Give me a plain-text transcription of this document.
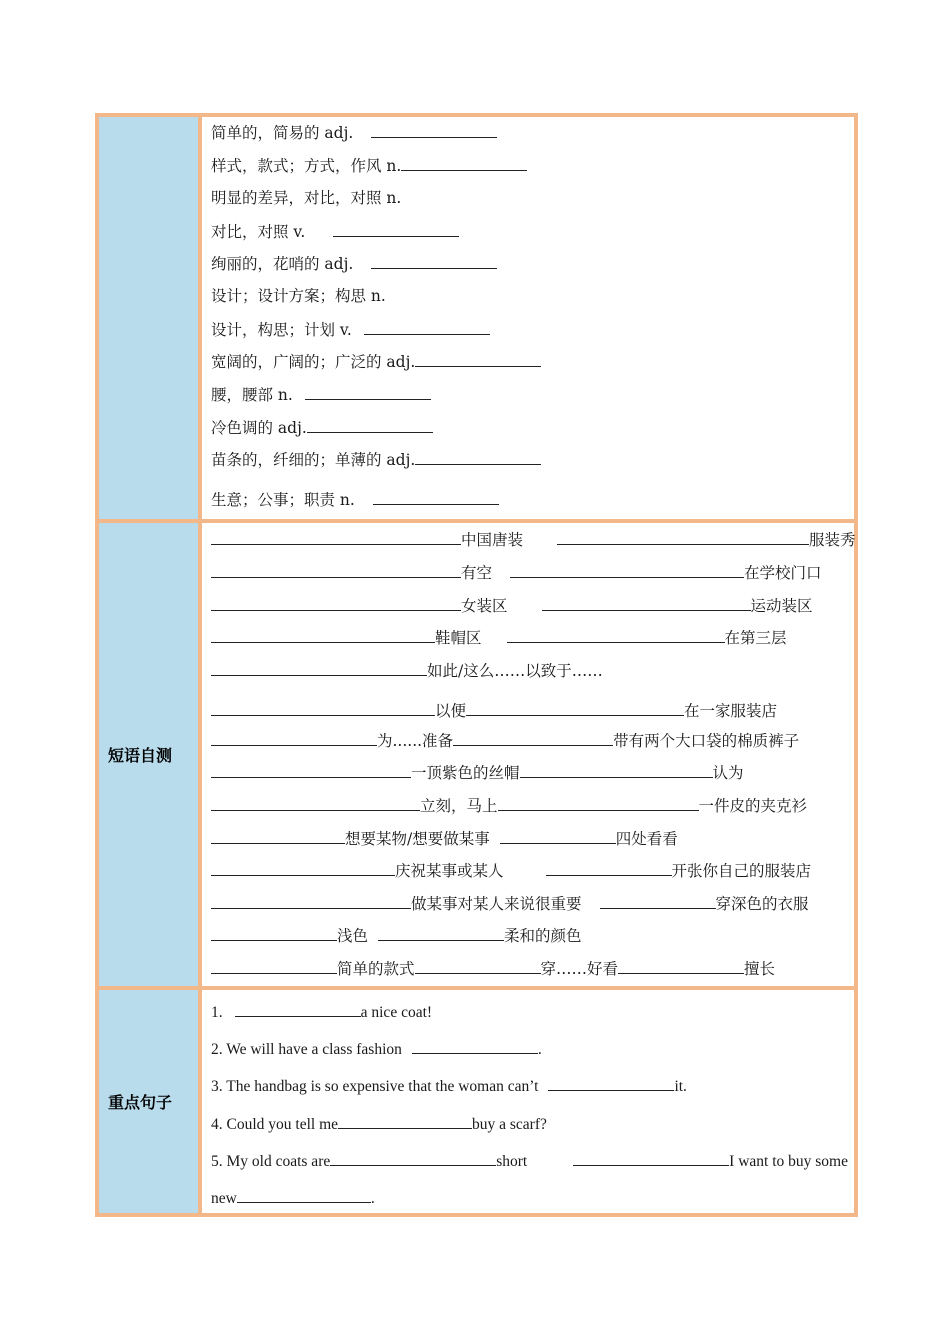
简单的，简易的 adj.
样式，款式；方式，作风 n.
明显的差异，对比，对照 n.
对比，对照 v.
绚丽的，花哨的 adj.
设计；设计方案；构思 n.
设计，构思；计划 v.
宽阔的，广阔的；广泛的 adj.
腰，腰部 n.
冷色调的 adj.
苗条的，纤细的；单薄的 adj.
生意；公事；职责 n.
短语自测
中国唐装	服装秀
有空	在学校门口
女装区	运动装区
鞋帽区	在第三层
如此/这么……以致于……
以便	在一家服装店
为......准备	带有两个大口袋的棉质裤子
一顶紫色的丝帽	认为
立刻，马上	一件皮的夹克衫
想要某物/想要做某事	四处看看
庆祝某事或某人	开张你自己的服装店
做某事对某人来说很重要	穿深色的衣服
浅色	柔和的颜色
简单的款式	穿……好看	擅长
重点句子
1.	a nice coat!
2. We will have a class fashion	.
3. The handbag is so expensive that the woman can’t	it.
4. Could you tell me	buy a scarf?
5. My old coats are	short	I want to buy some
new	.
